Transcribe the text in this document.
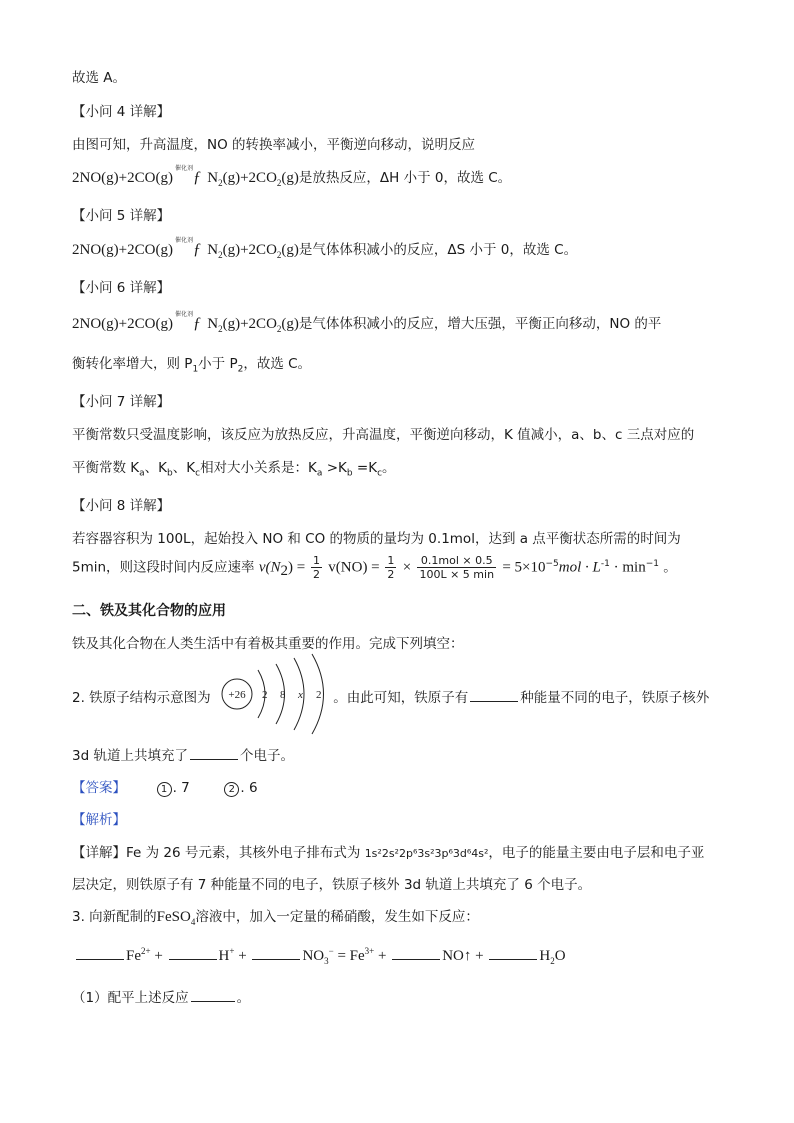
故选 A。
【小问 4 详解】
由图可知，升高温度，NO 的转换率减小，平衡逆向移动，说明反应
$2NO(g)+2CO(g)^{催化剂}ƒ$ $N_2(g)+2CO_2(g)$是放热反应，ΔH 小于 0，故选 C。
【小问 5 详解】
$2NO(g)+2CO(g)^{催化剂}ƒ$ $N_2(g)+2CO_2(g)$是气体体积减小的反应，ΔS 小于 0，故选 C。
【小问 6 详解】
$2NO(g)+2CO(g)^{催化剂}ƒ$ $N_2(g)+2CO_2(g)$是气体体积减小的反应，增大压强，平衡正向移动，NO 的平
衡转化率增大，则 $P_1$小于 $P_2$，故选 C。
【小问 7 详解】
平衡常数只受温度影响，该反应为放热反应，升高温度，平衡逆向移动，K 值减小，a、b、c 三点对应的
平衡常数 $K_a$、$K_b$、$K_c$相对大小关系是：$K_a >K_b =K_c$。
【小问 8 详解】
若容器容积为 100L，起始投入 NO 和 CO 的物质的量均为 0.1mol，达到 a 点平衡状态所需的时间为
5min，则这段时间内反应速率 $v(N_2) = \frac{1}{2} v(NO) = \frac{1}{2} \times \frac{\text{0.1mol × 0.5}}{100L \times 5 \min} = 5\times 10^{-5}mol \cdot L^{-1} \cdot \min^{-1}$ 。
二、铁及其化合物的应用
铁及其化合物在人类生活中有着极其重要的作用。完成下列填空：
2. 铁原子结构示意图为	。由此可知，铁原子有	种能量不同的电子，铁原子核外
+26 2 8 x 2
3d 轨道上共填充了	个电子。
【答案】	1 . 7	2 . 6
【解析】
【详解】Fe 为 26 号元素，其核外电子排布式为 1s²2s²2p⁶3s²3p⁶3d⁶4s²，电子的能量主要由电子层和电子亚
层决定，则铁原子有 7 种能量不同的电子，铁原子核外 3d 轨道上共填充了 6 个电子。
3. 向新配制的FeSO$_4$溶液中，加入一定量的稀硝酸，发生如下反应：
$Fe^{2+}$ +	H+ +	$NO_3^- = Fe^{3+}$ +	NO↑ +	$H_2O$
（1）配平上述反应	。
